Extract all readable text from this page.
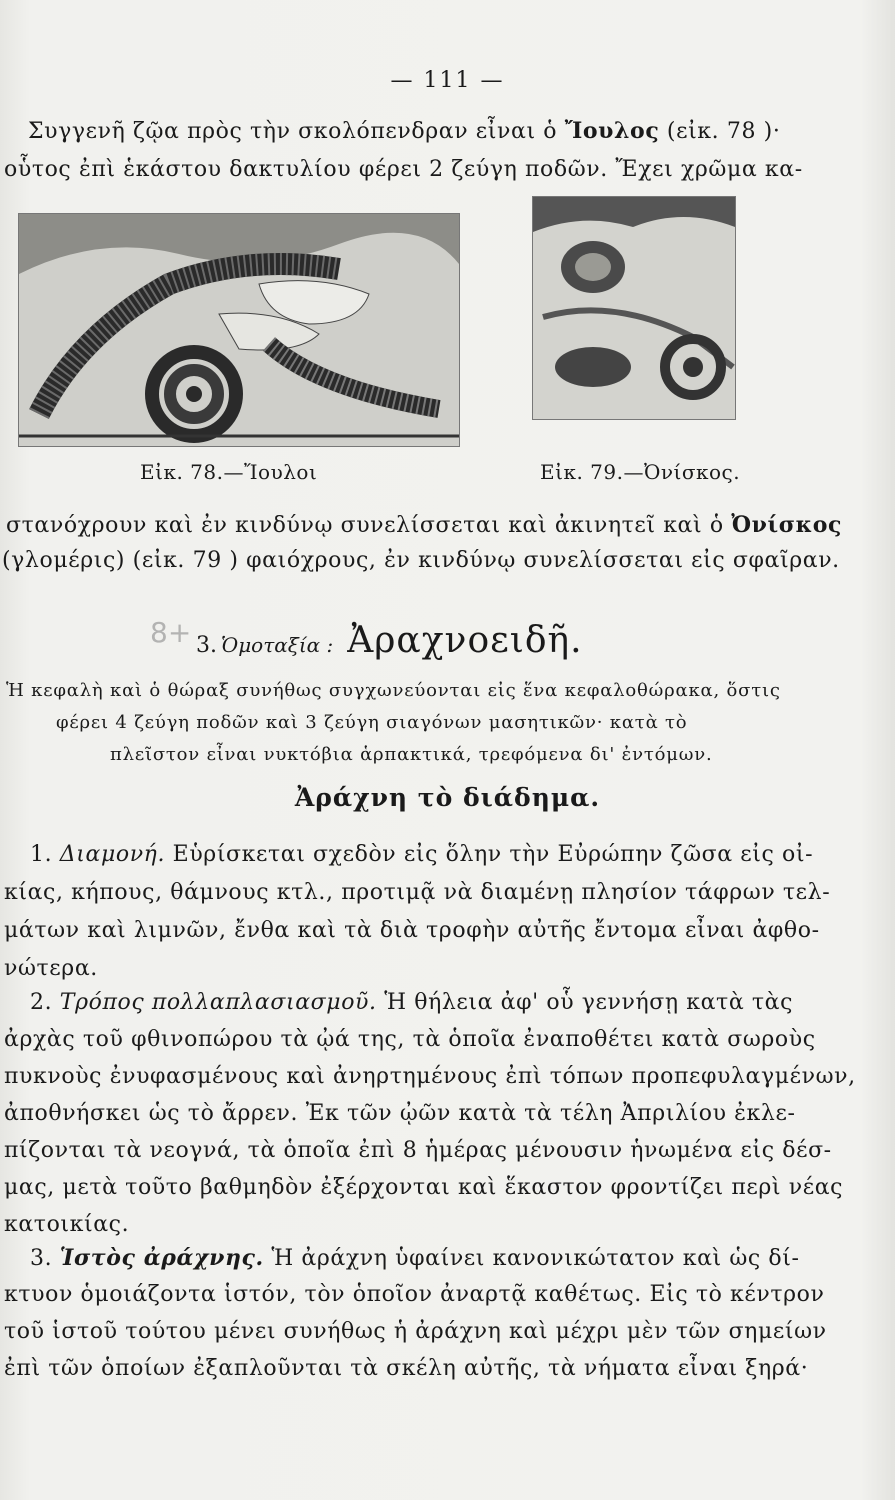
— 111 —
Συγγενῆ ζῷα πρὸς τὴν σκολόπενδραν εἶναι ὁ Ἴουλος (εἰκ. 78 )·
οὗτος ἐπὶ ἑκάστου δακτυλίου φέρει 2 ζεύγη ποδῶν. Ἔχει χρῶμα κα-
Εἰκ. 78.—Ἴουλοι	Εἰκ. 79.—Ὀνίσκος.
στανόχρουν καὶ ἐν κινδύνῳ συνελίσσεται καὶ ἀκινητεῖ καὶ ὁ Ὀνίσκος
(γλομέρις) (εἰκ. 79 ) φαιόχρους, ἐν κινδύνῳ συνελίσσεται εἰς σφαῖραν.
8+ 3. Ὁμοταξία : Ἀραχνοειδῆ.
Ἡ κεφαλὴ καὶ ὁ θώραξ συνήθως συγχωνεύονται εἰς ἕνα κεφαλοθώρακα, ὅστις
φέρει 4 ζεύγη ποδῶν καὶ 3 ζεύγη σιαγόνων μασητικῶν· κατὰ τὸ
πλεῖστον εἶναι νυκτόβια ἁρπακτικά, τρεφόμενα δι' ἐντόμων.
Ἀράχνη τὸ διάδημα.
1. Διαμονή. Εὑρίσκεται σχεδὸν εἰς ὅλην τὴν Εὐρώπην ζῶσα εἰς οἰ-
κίας, κήπους, θάμνους κτλ., προτιμᾷ νὰ διαμένῃ πλησίον τάφρων τελ-
μάτων καὶ λιμνῶν, ἔνθα καὶ τὰ διὰ τροφὴν αὐτῆς ἔντομα εἶναι ἀφθο-
νώτερα.
2. Τρόπος πολλαπλασιασμοῦ. Ἡ θήλεια ἀφ' οὗ γεννήσῃ κατὰ τὰς
ἀρχὰς τοῦ φθινοπώρου τὰ ᾠά της, τὰ ὁποῖα ἐναποθέτει κατὰ σωροὺς
πυκνοὺς ἐνυφασμένους καὶ ἀνηρτημένους ἐπὶ τόπων προπεφυλαγμένων,
ἀποθνήσκει ὡς τὸ ἄρρεν. Ἐκ τῶν ᾠῶν κατὰ τὰ τέλη Ἀπριλίου ἐκλε-
πίζονται τὰ νεογνά, τὰ ὁποῖα ἐπὶ 8 ἡμέρας μένουσιν ἡνωμένα εἰς δέσ-
μας, μετὰ τοῦτο βαθμηδὸν ἐξέρχονται καὶ ἕκαστον φροντίζει περὶ νέας
κατοικίας.
3. Ἱστὸς ἀράχνης. Ἡ ἀράχνη ὑφαίνει κανονικώτατον καὶ ὡς δί-
κτυον ὁμοιάζοντα ἱστόν, τὸν ὁποῖον ἀναρτᾷ καθέτως. Εἰς τὸ κέντρον
τοῦ ἱστοῦ τούτου μένει συνήθως ἡ ἀράχνη καὶ μέχρι μὲν τῶν σημείων
ἐπὶ τῶν ὁποίων ἐξαπλοῦνται τὰ σκέλη αὐτῆς, τὰ νήματα εἶναι ξηρά·
